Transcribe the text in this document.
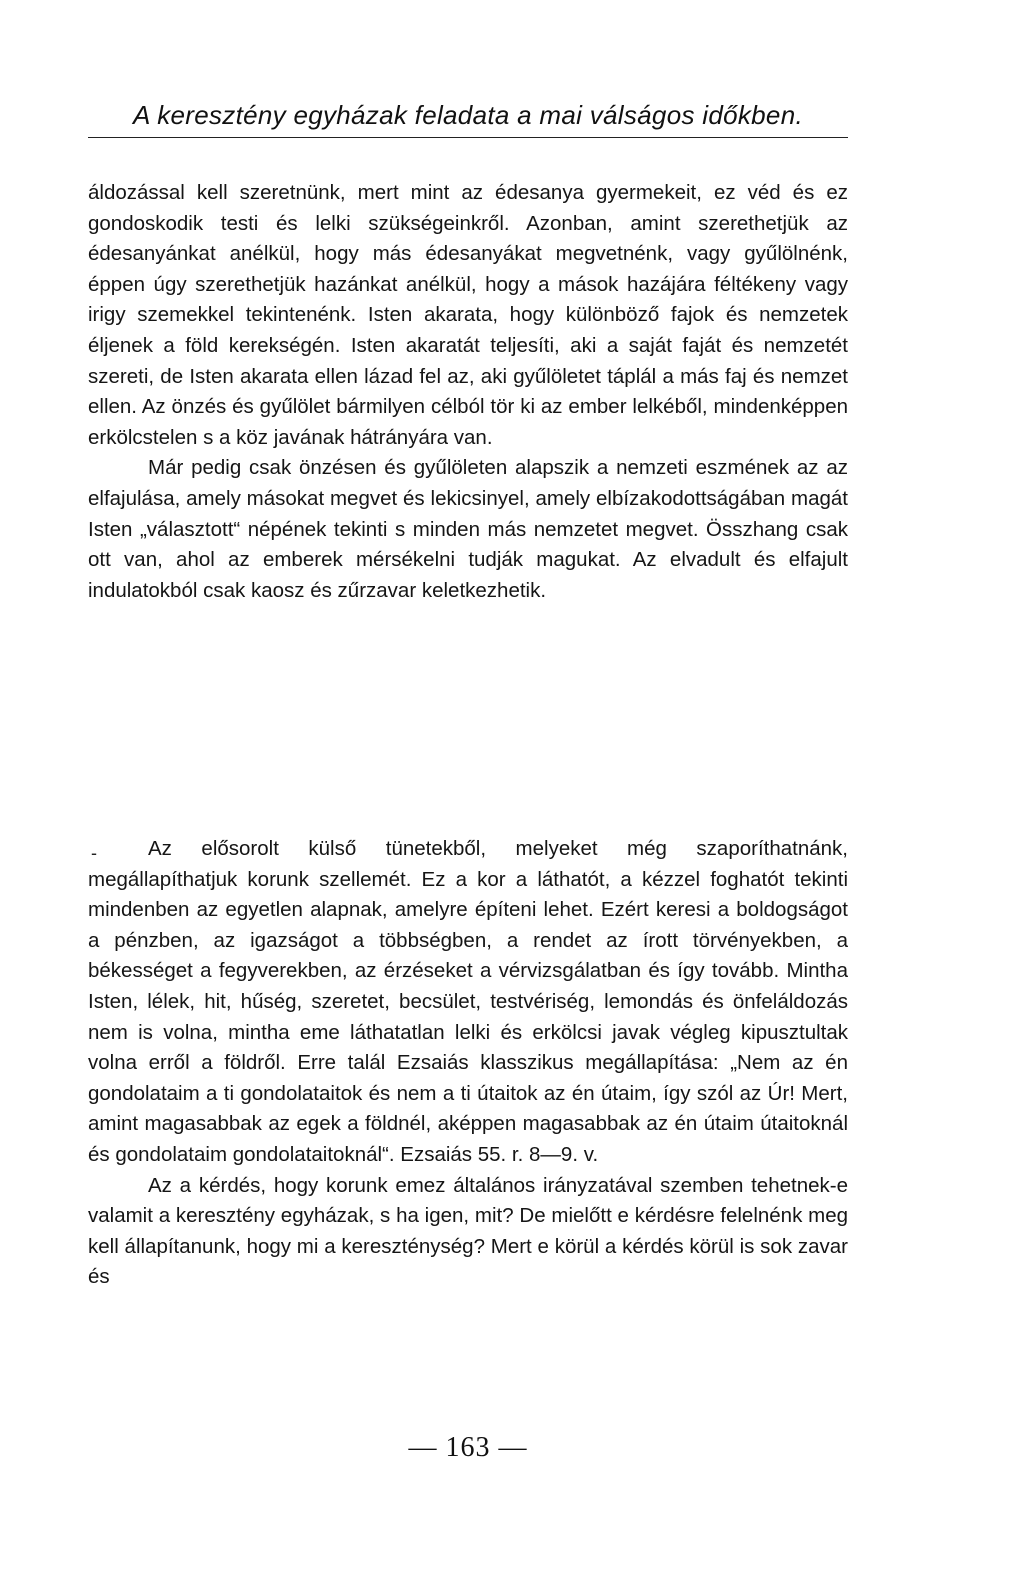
A keresztény egyházak feladata a mai válságos időkben.

áldozással kell szeretnünk, mert mint az édesanya gyermekeit, ez véd és ez gondoskodik testi és lelki szükségeinkről. Azonban, amint szerethetjük az édesanyánkat anélkül, hogy más édesanyákat megvetnénk, vagy gyűlölnénk, éppen úgy szerethetjük hazánkat anélkül, hogy a mások hazájára féltékeny vagy irigy szemekkel tekintenénk. Isten akarata, hogy különböző fajok és nemzetek éljenek a föld kerekségén. Isten akaratát teljesíti, aki a saját faját és nemzetét szereti, de Isten akarata ellen lázad fel az, aki gyűlöletet táplál a más faj és nemzet ellen. Az önzés és gyűlölet bármilyen célból tör ki az ember lelkéből, mindenképpen erkölcstelen s a köz javának hátrányára van.

Már pedig csak önzésen és gyűlöleten alapszik a nemzeti eszmének az az elfajulása, amely másokat megvet és lekicsinyel, amely elbízakodottságában magát Isten „választott“ népének tekinti s minden más nemzetet megvet. Összhang csak ott van, ahol az emberek mérsékelni tudják magukat. Az elvadult és elfajult indulatokból csak kaosz és zűrzavar keletkezhetik.

-	Az elősorolt külső tünetekből, melyeket még szaporíthatnánk, megállapíthatjuk korunk szellemét. Ez a kor a láthatót, a kézzel foghatót tekinti mindenben az egyetlen alapnak, amelyre építeni lehet. Ezért keresi a boldogságot a pénzben, az igazságot a többségben, a rendet az írott törvényekben, a békességet a fegyverekben, az érzéseket a vérvizsgálatban és így tovább. Mintha Isten, lélek, hit, hűség, szeretet, becsület, testvériség, lemondás és önfeláldozás nem is volna, mintha eme láthatatlan lelki és erkölcsi javak végleg kipusztultak volna erről a földről. Erre talál Ezsaiás klasszikus megállapítása: „Nem az én gondolataim a ti gondolataitok és nem a ti útaitok az én útaim, így szól az Úr! Mert, amint magasabbak az egek a földnél, aképpen magasabbak az én útaim útaitoknál és gondolataim gondolataitoknál“. Ezsaiás 55. r. 8—9. v.

Az a kérdés, hogy korunk emez általános irányzatával szemben tehetnek-e valamit a keresztény egyházak, s ha igen, mit? De mielőtt e kérdésre felelnénk meg kell állapítanunk, hogy mi a kereszténység? Mert e körül a kérdés körül is sok zavar és

— 163 —
